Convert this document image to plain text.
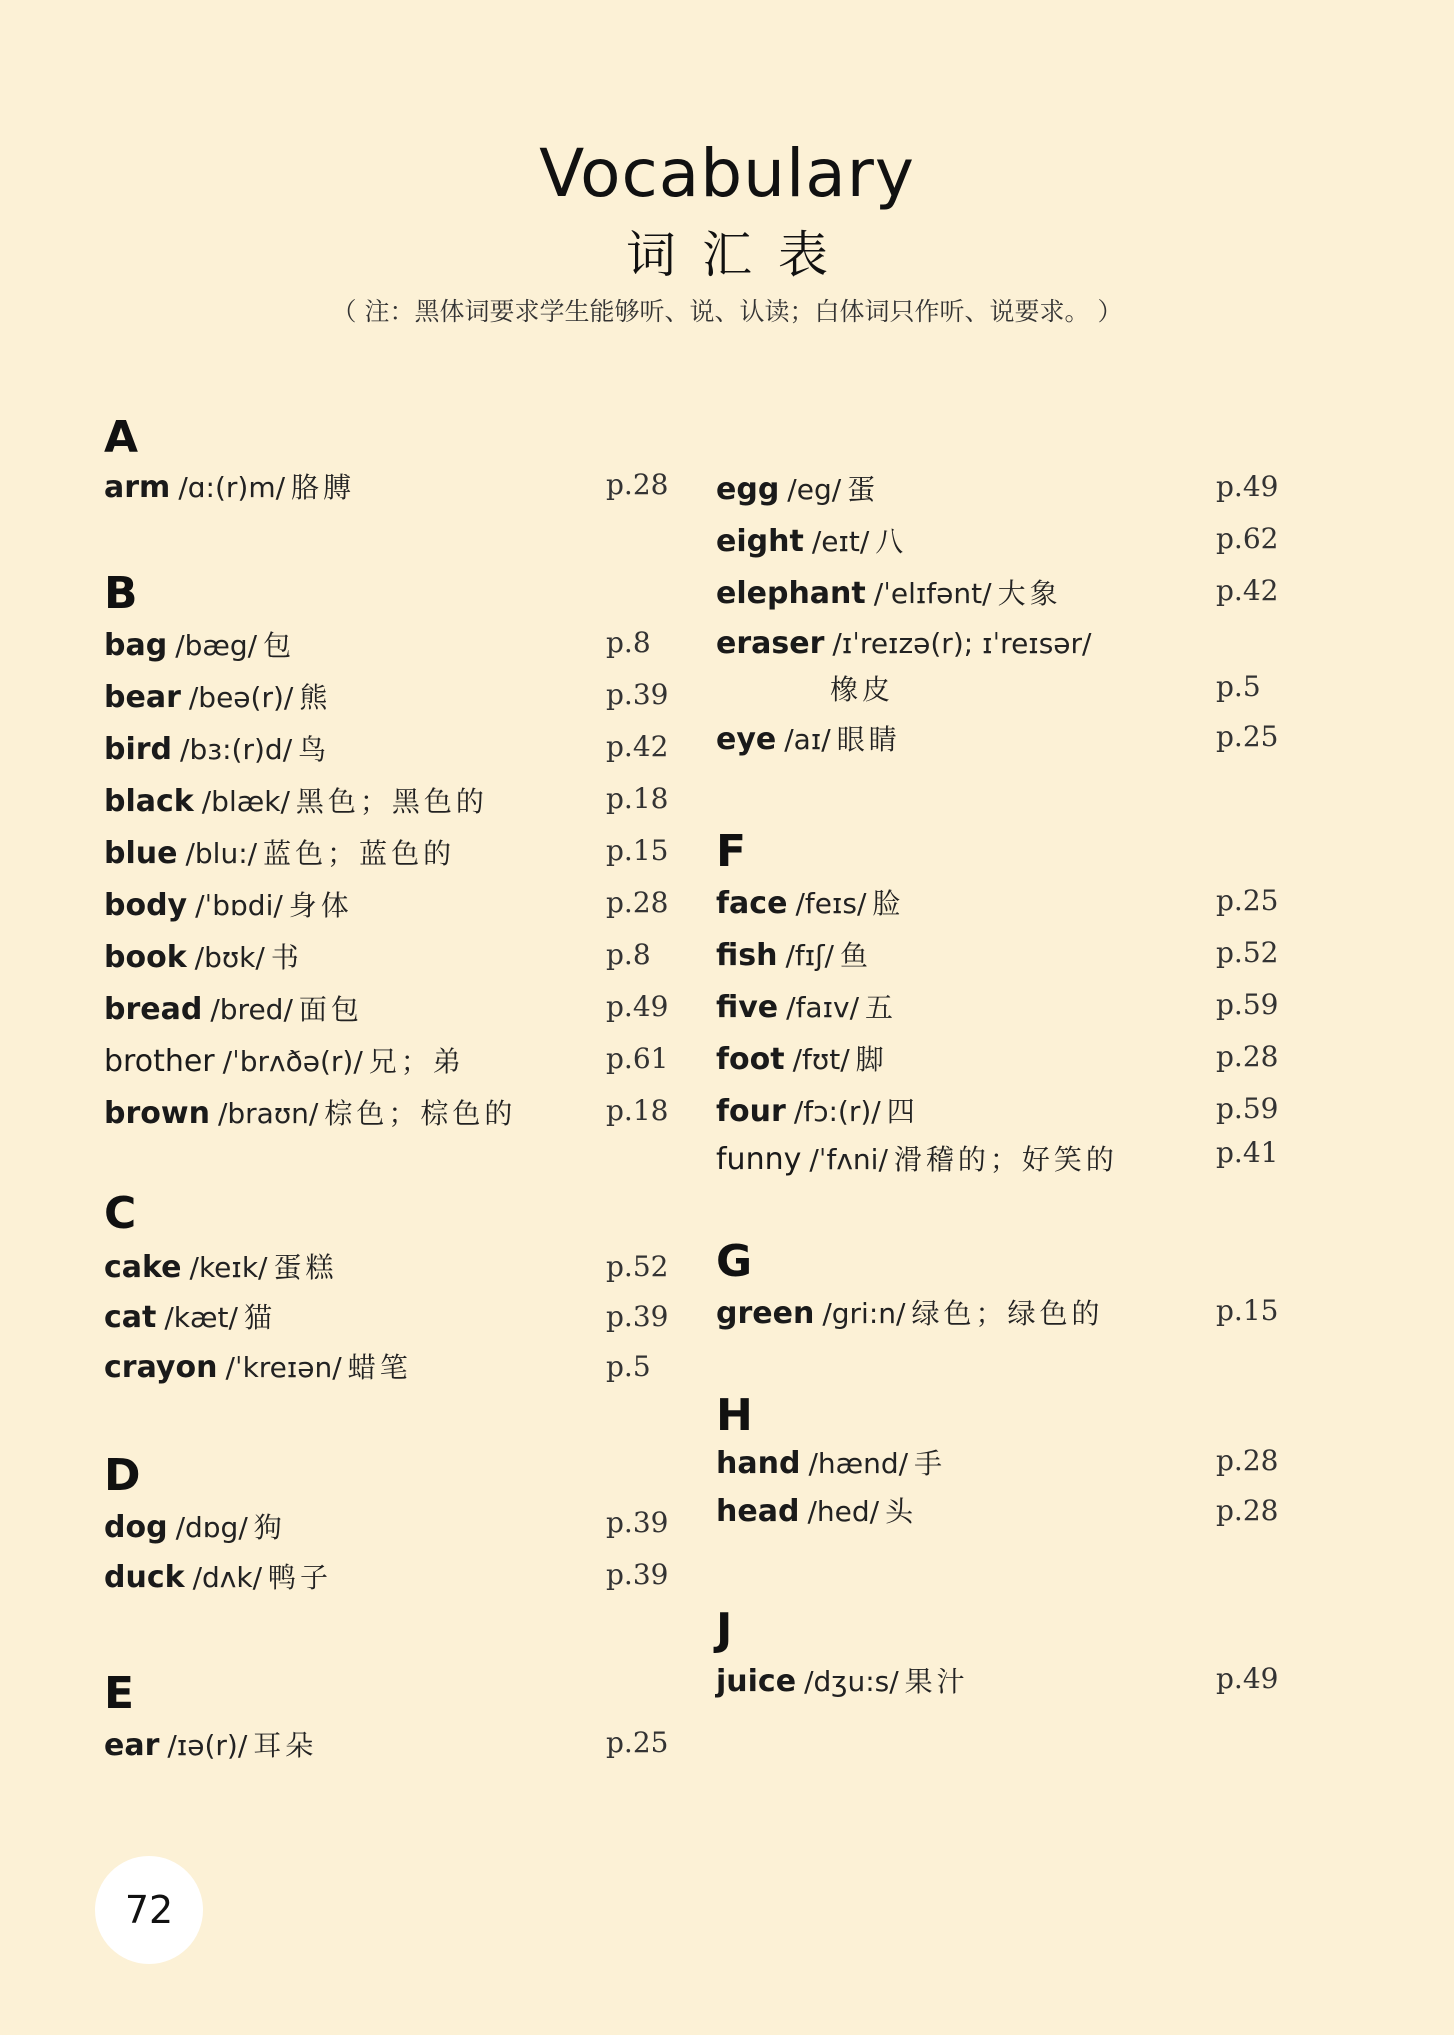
Vocabulary
词汇表
（ 注：黑体词要求学生能够听、说、认读；白体词只作听、说要求。 ）
A
arm /ɑ:(r)m/ 胳膊	p.28
B
bag /bæg/ 包	p.8
bear /beə(r)/ 熊	p.39
bird /bɜ:(r)d/ 鸟	p.42
black /blæk/ 黑色；黑色的	p.18
blue /blu:/ 蓝色；蓝色的	p.15
body /ˈbɒdi/ 身体	p.28
book /bʊk/ 书	p.8
bread /bred/ 面包	p.49
brother /ˈbrʌðə(r)/ 兄；弟	p.61
brown /braʊn/ 棕色；棕色的	p.18
C
cake /keɪk/ 蛋糕	p.52
cat /kæt/ 猫	p.39
crayon /ˈkreɪən/ 蜡笔	p.5
D
dog /dɒg/ 狗	p.39
duck /dʌk/ 鸭子	p.39
E
ear /ɪə(r)/ 耳朵	p.25
egg /eg/ 蛋	p.49
eight /eɪt/ 八	p.62
elephant /ˈelɪfənt/ 大象	p.42
eraser /ɪˈreɪzə(r); ɪˈreɪsər/
橡皮	p.5
eye /aɪ/ 眼睛	p.25
F
face /feɪs/ 脸	p.25
fish /fɪʃ/ 鱼	p.52
five /faɪv/ 五	p.59
foot /fʊt/ 脚	p.28
four /fɔ:(r)/ 四	p.59
funny /ˈfʌni/ 滑稽的；好笑的	p.41
G
green /gri:n/ 绿色；绿色的	p.15
H
hand /hænd/ 手	p.28
head /hed/ 头	p.28
J
juice /dʒu:s/ 果汁	p.49
72
